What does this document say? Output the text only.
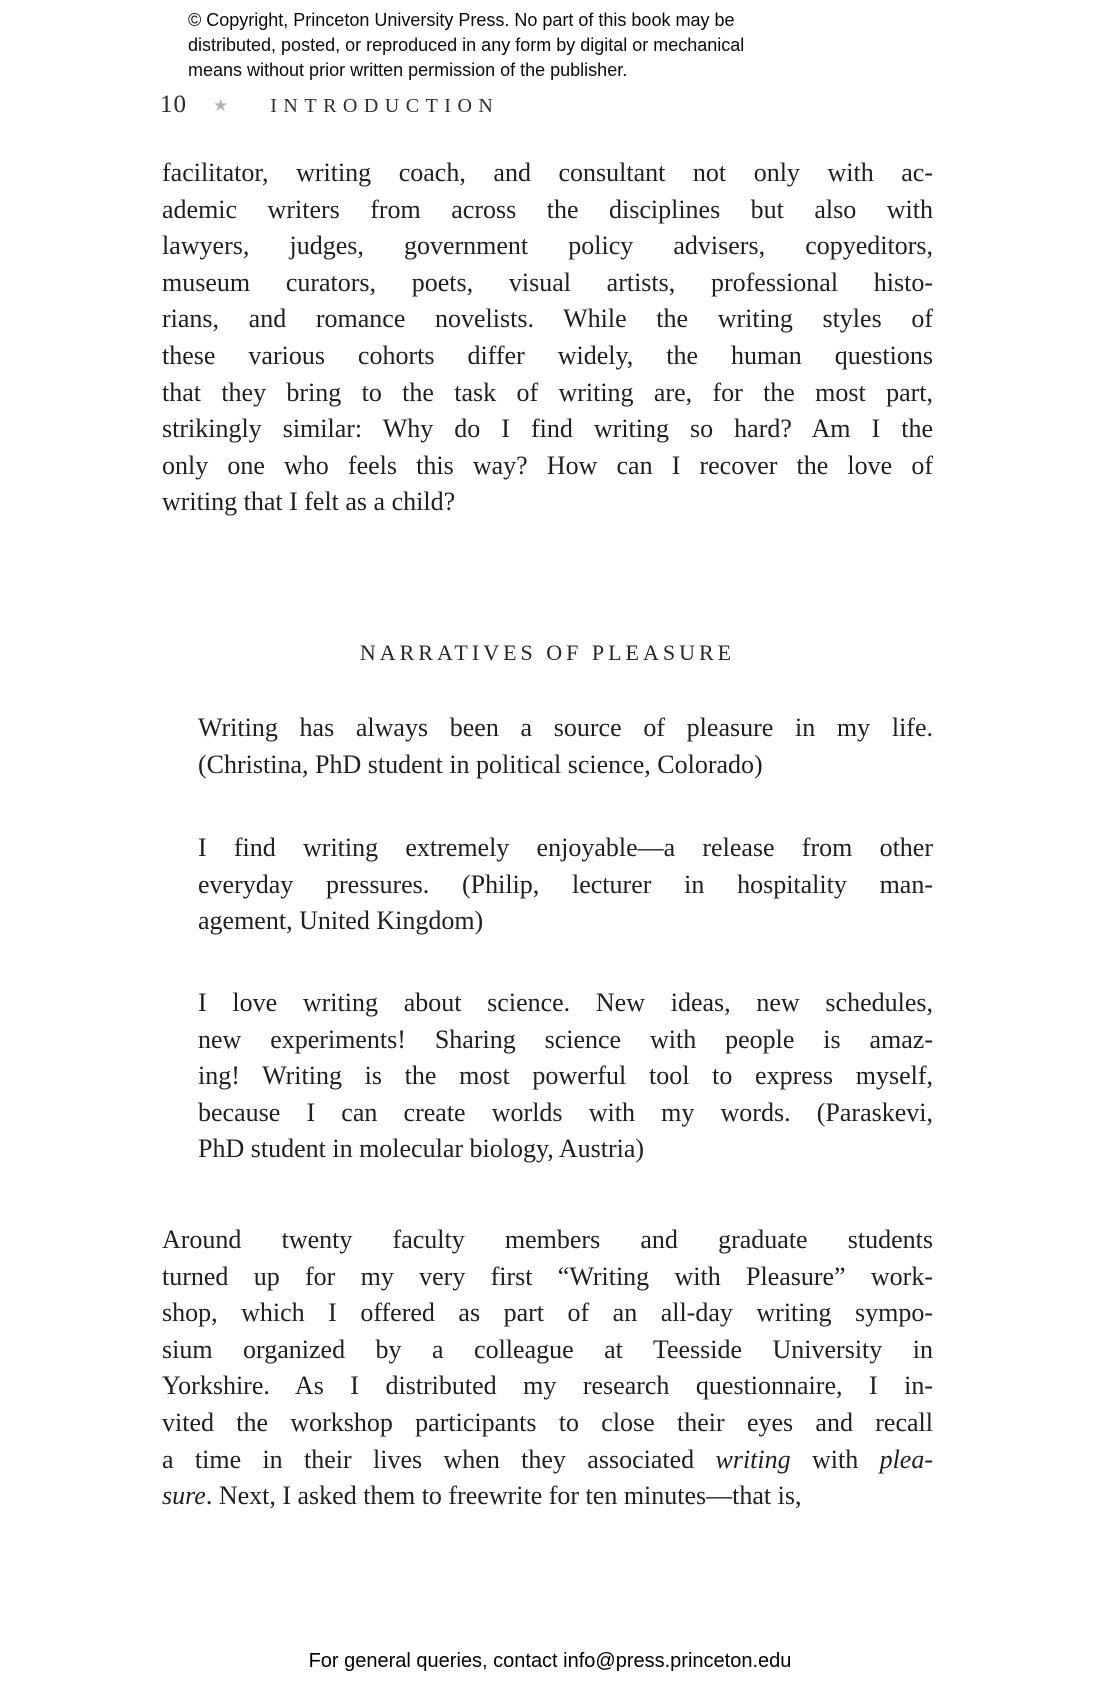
© Copyright, Princeton University Press. No part of this book may be
distributed, posted, or reproduced in any form by digital or mechanical
means without prior written permission of the publisher.
10 ★ INTRODUCTION
facilitator, writing coach, and consultant not only with ac-
ademic writers from across the disciplines but also with
lawyers, judges, government policy advisers, copyeditors,
museum curators, poets, visual artists, professional histo-
rians, and romance novelists. While the writing styles of
these various cohorts differ widely, the human questions
that they bring to the task of writing are, for the most part,
strikingly similar: Why do I find writing so hard? Am I the
only one who feels this way? How can I recover the love of
writing that I felt as a child?
NARRATIVES OF PLEASURE
Writing has always been a source of pleasure in my life.
(Christina, PhD student in political science, Colorado)
I find writing extremely enjoyable—a release from other
everyday pressures. (Philip, lecturer in hospitality man-
agement, United Kingdom)
I love writing about science. New ideas, new schedules,
new experiments! Sharing science with people is amaz-
ing! Writing is the most powerful tool to express myself,
because I can create worlds with my words. (Paraskevi,
PhD student in molecular biology, Austria)
Around twenty faculty members and graduate students
turned up for my very first “Writing with Pleasure” work-
shop, which I offered as part of an all-day writing sympo-
sium organized by a colleague at Teesside University in
Yorkshire. As I distributed my research questionnaire, I in-
vited the workshop participants to close their eyes and recall
a time in their lives when they associated writing with plea-
sure. Next, I asked them to freewrite for ten minutes—that is,
For general queries, contact info@press.princeton.edu
